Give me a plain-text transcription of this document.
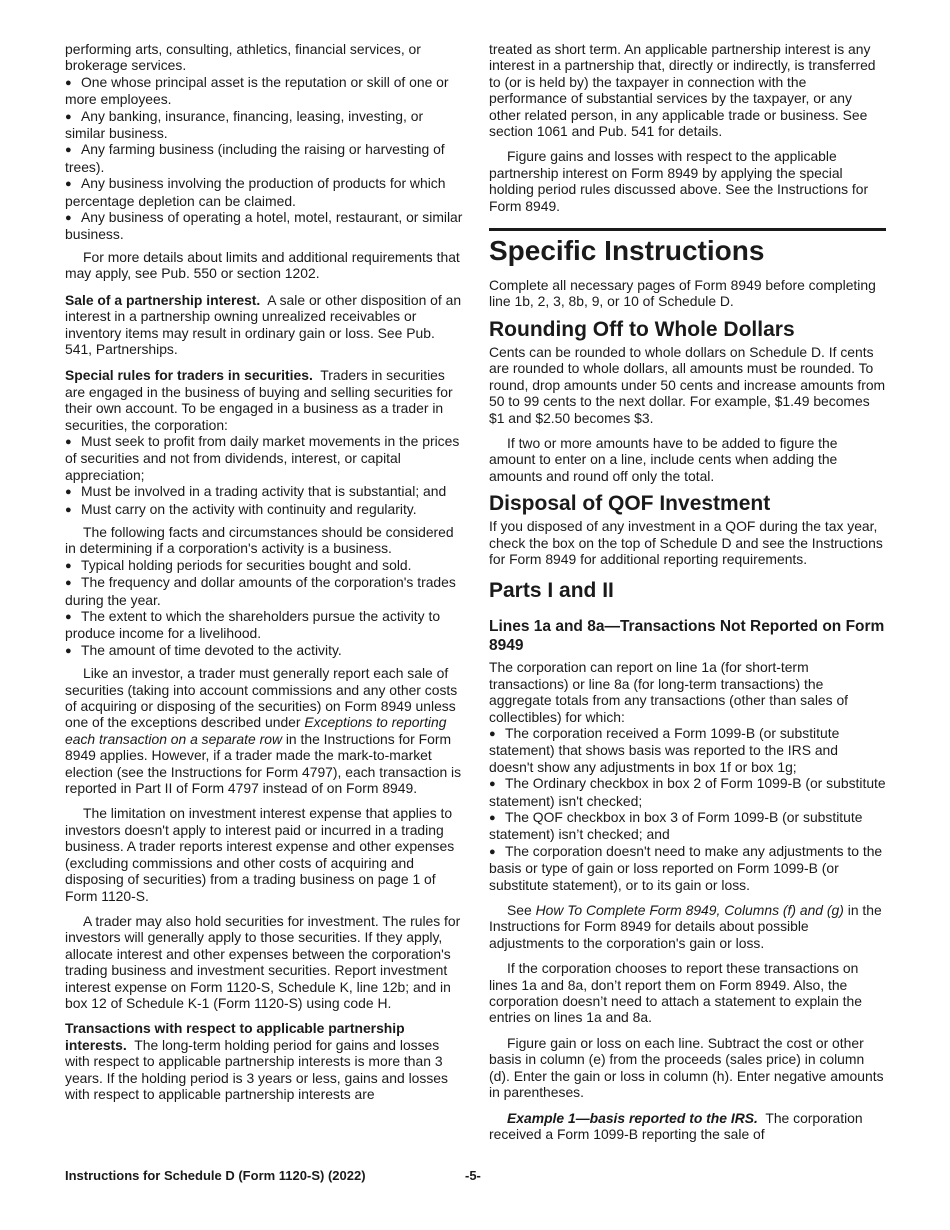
performing arts, consulting, athletics, financial services, or brokerage services.

● One whose principal asset is the reputation or skill of one or more employees.

● Any banking, insurance, financing, leasing, investing, or similar business.

● Any farming business (including the raising or harvesting of trees).

● Any business involving the production of products for which percentage depletion can be claimed.

● Any business of operating a hotel, motel, restaurant, or similar business.

For more details about limits and additional requirements that may apply, see Pub. 550 or section 1202.

Sale of a partnership interest. A sale or other disposition of an interest in a partnership owning unrealized receivables or inventory items may result in ordinary gain or loss. See Pub. 541, Partnerships.

Special rules for traders in securities. Traders in securities are engaged in the business of buying and selling securities for their own account. To be engaged in a business as a trader in securities, the corporation:

● Must seek to profit from daily market movements in the prices of securities and not from dividends, interest, or capital appreciation;

● Must be involved in a trading activity that is substantial; and

● Must carry on the activity with continuity and regularity.

The following facts and circumstances should be considered in determining if a corporation's activity is a business.

● Typical holding periods for securities bought and sold.

● The frequency and dollar amounts of the corporation's trades during the year.

● The extent to which the shareholders pursue the activity to produce income for a livelihood.

● The amount of time devoted to the activity.

Like an investor, a trader must generally report each sale of securities (taking into account commissions and any other costs of acquiring or disposing of the securities) on Form 8949 unless one of the exceptions described under Exceptions to reporting each transaction on a separate row in the Instructions for Form 8949 applies. However, if a trader made the mark-to-market election (see the Instructions for Form 4797), each transaction is reported in Part II of Form 4797 instead of on Form 8949.

The limitation on investment interest expense that applies to investors doesn't apply to interest paid or incurred in a trading business. A trader reports interest expense and other expenses (excluding commissions and other costs of acquiring and disposing of securities) from a trading business on page 1 of Form 1120-S.

A trader may also hold securities for investment. The rules for investors will generally apply to those securities. If they apply, allocate interest and other expenses between the corporation's trading business and investment securities. Report investment interest expense on Form 1120-S, Schedule K, line 12b; and in box 12 of Schedule K-1 (Form 1120-S) using code H.

Transactions with respect to applicable partnership interests. The long-term holding period for gains and losses with respect to applicable partnership interests is more than 3 years. If the holding period is 3 years or less, gains and losses with respect to applicable partnership interests are

treated as short term. An applicable partnership interest is any interest in a partnership that, directly or indirectly, is transferred to (or is held by) the taxpayer in connection with the performance of substantial services by the taxpayer, or any other related person, in any applicable trade or business. See section 1061 and Pub. 541 for details.

Figure gains and losses with respect to the applicable partnership interest on Form 8949 by applying the special holding period rules discussed above. See the Instructions for Form 8949.

Specific Instructions

Complete all necessary pages of Form 8949 before completing line 1b, 2, 3, 8b, 9, or 10 of Schedule D.

Rounding Off to Whole Dollars

Cents can be rounded to whole dollars on Schedule D. If cents are rounded to whole dollars, all amounts must be rounded. To round, drop amounts under 50 cents and increase amounts from 50 to 99 cents to the next dollar. For example, $1.49 becomes $1 and $2.50 becomes $3.

If two or more amounts have to be added to figure the amount to enter on a line, include cents when adding the amounts and round off only the total.

Disposal of QOF Investment

If you disposed of any investment in a QOF during the tax year, check the box on the top of Schedule D and see the Instructions for Form 8949 for additional reporting requirements.

Parts I and II
Lines 1a and 8a—Transactions Not Reported on Form 8949

The corporation can report on line 1a (for short-term transactions) or line 8a (for long-term transactions) the aggregate totals from any transactions (other than sales of collectibles) for which:

● The corporation received a Form 1099-B (or substitute statement) that shows basis was reported to the IRS and doesn't show any adjustments in box 1f or box 1g;

● The Ordinary checkbox in box 2 of Form 1099-B (or substitute statement) isn't checked;

● The QOF checkbox in box 3 of Form 1099-B (or substitute statement) isn’t checked; and

● The corporation doesn't need to make any adjustments to the basis or type of gain or loss reported on Form 1099-B (or substitute statement), or to its gain or loss.

See How To Complete Form 8949, Columns (f) and (g) in the Instructions for Form 8949 for details about possible adjustments to the corporation's gain or loss.

If the corporation chooses to report these transactions on lines 1a and 8a, don’t report them on Form 8949. Also, the corporation doesn’t need to attach a statement to explain the entries on lines 1a and 8a.

Figure gain or loss on each line. Subtract the cost or other basis in column (e) from the proceeds (sales price) in column (d). Enter the gain or loss in column (h). Enter negative amounts in parentheses.

Example 1—basis reported to the IRS. The corporation received a Form 1099-B reporting the sale of

Instructions for Schedule D (Form 1120-S) (2022)	-5-
